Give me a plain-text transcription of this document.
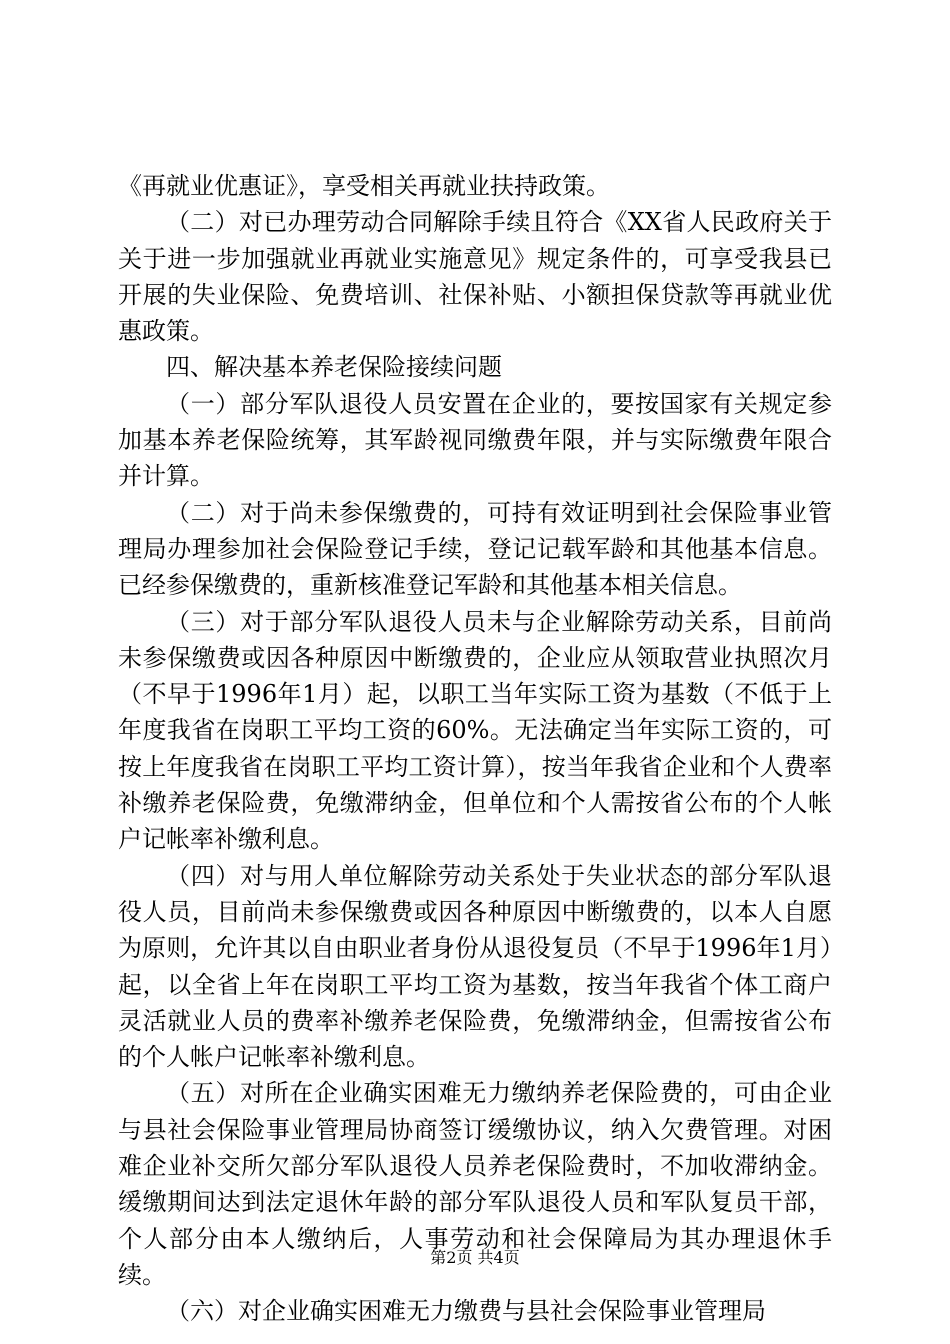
《再就业优惠证》，享受相关再就业扶持政策。

（二）对已办理劳动合同解除手续且符合《XX省人民政府关于关于进一步加强就业再就业实施意见》规定条件的，可享受我县已开展的失业保险、免费培训、社保补贴、小额担保贷款等再就业优惠政策。

四、解决基本养老保险接续问题

（一）部分军队退役人员安置在企业的，要按国家有关规定参加基本养老保险统筹，其军龄视同缴费年限，并与实际缴费年限合并计算。

（二）对于尚未参保缴费的，可持有效证明到社会保险事业管理局办理参加社会保险登记手续，登记记载军龄和其他基本信息。已经参保缴费的，重新核准登记军龄和其他基本相关信息。

（三）对于部分军队退役人员未与企业解除劳动关系，目前尚未参保缴费或因各种原因中断缴费的，企业应从领取营业执照次月（不早于1996年1月）起，以职工当年实际工资为基数（不低于上年度我省在岗职工平均工资的60%。无法确定当年实际工资的，可按上年度我省在岗职工平均工资计算），按当年我省企业和个人费率补缴养老保险费，免缴滞纳金，但单位和个人需按省公布的个人帐户记帐率补缴利息。

（四）对与用人单位解除劳动关系处于失业状态的部分军队退役人员，目前尚未参保缴费或因各种原因中断缴费的，以本人自愿为原则，允许其以自由职业者身份从退役复员（不早于1996年1月）起，以全省上年在岗职工平均工资为基数，按当年我省个体工商户灵活就业人员的费率补缴养老保险费，免缴滞纳金，但需按省公布的个人帐户记帐率补缴利息。

（五）对所在企业确实困难无力缴纳养老保险费的，可由企业与县社会保险事业管理局协商签订缓缴协议，纳入欠费管理。对困难企业补交所欠部分军队退役人员养老保险费时，不加收滞纳金。缓缴期间达到法定退休年龄的部分军队退役人员和军队复员干部，个人部分由本人缴纳后，人事劳动和社会保障局为其办理退休手续。

（六）对企业确实困难无力缴费与县社会保险事业管理局

第2页 共4页
